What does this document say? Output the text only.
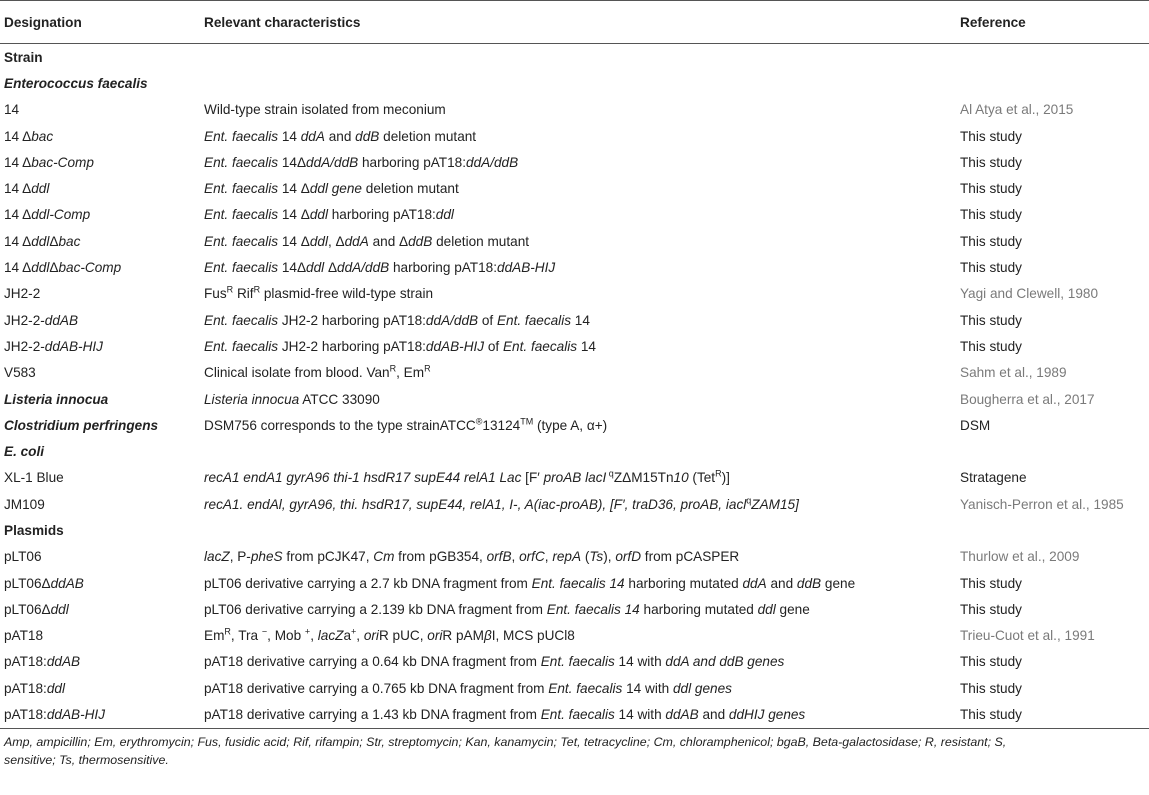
Designation	Relevant characteristics	Reference
Strain		
Enterococcus faecalis		
14	Wild-type strain isolated from meconium	Al Atya et al., 2015
14 Δbac	Ent. faecalis 14 ddA and ddB deletion mutant	This study
14 Δbac-Comp	Ent. faecalis 14ΔddA/ddB harboring pAT18:ddA/ddB	This study
14 Δddl	Ent. faecalis 14 Δddl gene deletion mutant	This study
14 Δddl-Comp	Ent. faecalis 14 Δddl harboring pAT18:ddl	This study
14 ΔddlΔbac	Ent. faecalis 14 Δddl, ΔddA and ΔddB deletion mutant	This study
14 ΔddlΔbac-Comp	Ent. faecalis 14Δddl ΔddA/ddB harboring pAT18:ddAB-HIJ	This study
JH2-2	Fus$^R$ Rif$^R$ plasmid-free wild-type strain	Yagi and Clewell, 1980
JH2-2-ddAB	Ent. faecalis JH2-2 harboring pAT18:ddA/ddB of Ent. faecalis 14	This study
JH2-2-ddAB-HIJ	Ent. faecalis JH2-2 harboring pAT18:ddAB-HIJ of Ent. faecalis 14	This study
V583	Clinical isolate from blood. Van$^R$, $Em^R$	Sahm et al., 1989
Listeria innocua	Listeria innocua ATCC 33090	Bougherra et al., 2017
Clostridium perfringens	DSM756 corresponds to the type strainATCC®13124™ (type A, α+)	DSM
E. coli		
XL-1 Blue	recA1 endA1 gyrA96 thi-1 hsdR17 supE44 relA1 Lac [F′ proAB lacI $^q$ZΔM15Tn10 (Tet$^R$)]	Stratagene
JM109	recA1. endAl, gyrA96, thi. hsdR17, supE44, relA1, I-, A(iac-proAB), [F′, traD36, proAB, iacl$^q$ZAM15]	Yanisch-Perron et al., 1985
Plasmids		
pLT06	lacZ, P-pheS from pCJK47, Cm from pGB354, orfB, orfC, repA (Ts), orfD from pCASPER	Thurlow et al., 2009
pLT06ΔddAB	pLT06 derivative carrying a 2.7 kb DNA fragment from Ent. faecalis 14 harboring mutated ddA and ddB gene	This study
pLT06Δddl	pLT06 derivative carrying a 2.139 kb DNA fragment from Ent. faecalis 14 harboring mutated ddl gene	This study
pAT18	$Em^R$, Tra −, Mob +, lacZa+, oriR pUC, oriR pAMβI, MCS pUCl8	Trieu-Cuot et al., 1991
pAT18:ddAB	pAT18 derivative carrying a 0.64 kb DNA fragment from Ent. faecalis 14 with ddA and ddB genes	This study
pAT18:ddl	pAT18 derivative carrying a 0.765 kb DNA fragment from Ent. faecalis 14 with ddl genes	This study
pAT18:ddAB-HIJ	pAT18 derivative carrying a 1.43 kb DNA fragment from Ent. faecalis 14 with ddAB and ddHIJ genes	This study
Amp, ampicillin; Em, erythromycin; Fus, fusidic acid; Rif, rifampin; Str, streptomycin; Kan, kanamycin; Tet, tetracycline; Cm, chloramphenicol; bgaB, Beta-galactosidase; R, resistant; S,
sensitive; Ts, thermosensitive.
